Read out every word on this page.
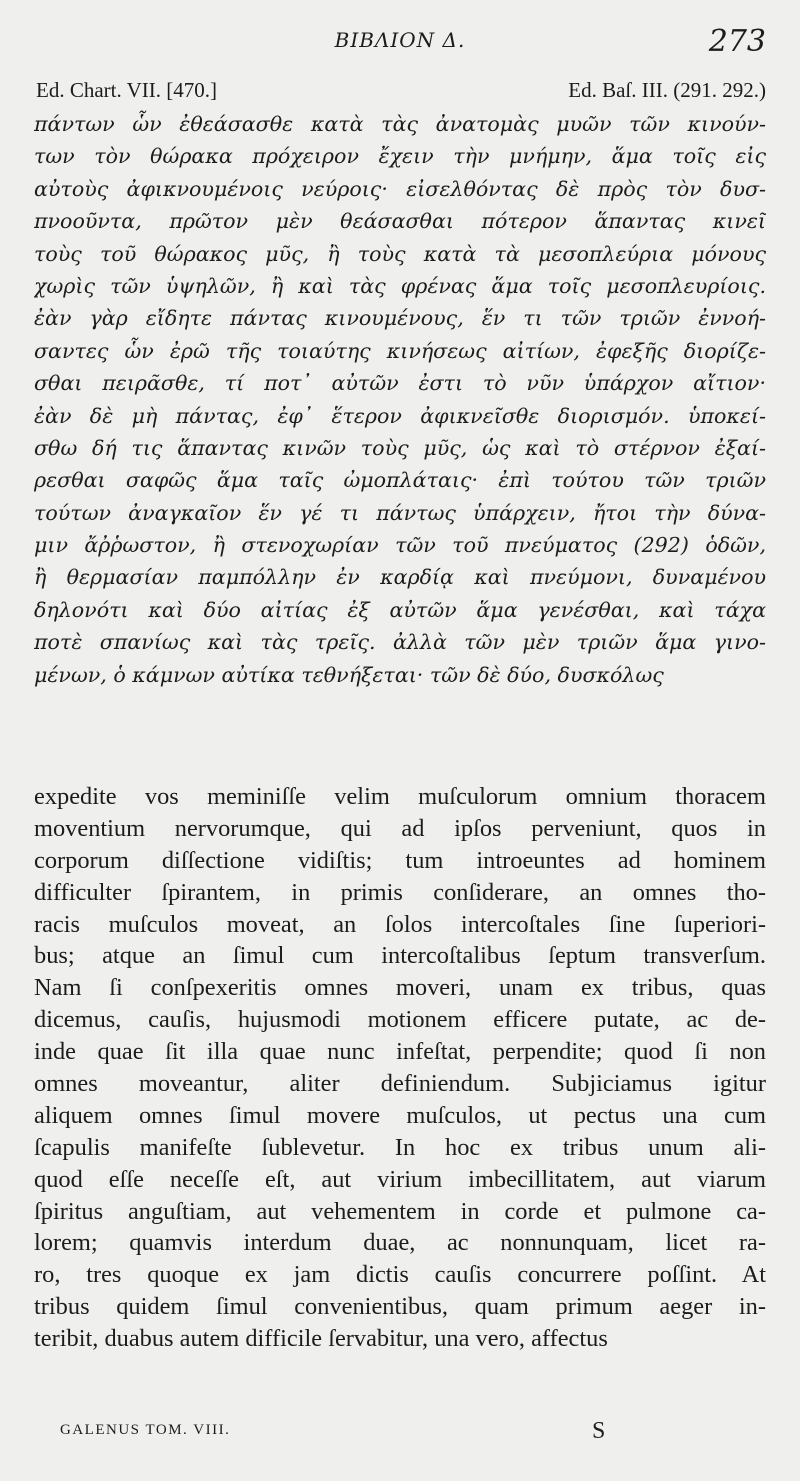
BIBΛION Δ.	273
Ed. Chart. VII. [470.]	Ed. Baſ. III. (291. 292.)
πάντων ὧν ἐθεάσασθε κατὰ τὰς ἀνατομὰς μυῶν τῶν κινούν-
των τὸν θώρακα πρόχειρον ἔχειν τὴν μνήμην, ἅμα τοῖς εἰς
αὐτοὺς ἀφικνουμένοις νεύροις· εἰσελθόντας δὲ πρὸς τὸν δυσ-
πνοοῦντα, πρῶτον μὲν θεάσασθαι πότερον ἅπαντας κινεῖ
τοὺς τοῦ θώρακος μῦς, ἢ τοὺς κατὰ τὰ μεσοπλεύρια μόνους
χωρὶς τῶν ὑψηλῶν, ἢ καὶ τὰς φρένας ἅμα τοῖς μεσοπλευρίοις.
ἐὰν γὰρ εἴδητε πάντας κινουμένους, ἕν τι τῶν τριῶν ἐννοή-
σαντες ὧν ἐρῶ τῆς τοιαύτης κινήσεως αἰτίων, ἐφεξῆς διορίζε-
σθαι πειρᾶσθε, τί ποτ᾽ αὐτῶν ἐστι τὸ νῦν ὑπάρχον αἴτιον·
ἐὰν δὲ μὴ πάντας, ἐφ᾽ ἕτερον ἀφικνεῖσθε διορισμόν. ὑποκεί-
σθω δή τις ἅπαντας κινῶν τοὺς μῦς, ὡς καὶ τὸ στέρνον ἐξαί-
ρεσθαι σαφῶς ἅμα ταῖς ὠμοπλάταις· ἐπὶ τούτου τῶν τριῶν
τούτων ἀναγκαῖον ἕν γέ τι πάντως ὑπάρχειν, ἤτοι τὴν δύνα-
μιν ἄῤῥωστον, ἢ στενοχωρίαν τῶν τοῦ πνεύματος (292) ὁδῶν,
ἢ θερμασίαν παμπόλλην ἐν καρδίᾳ καὶ πνεύμονι, δυναμένου
δηλονότι καὶ δύο αἰτίας ἐξ αὐτῶν ἅμα γενέσθαι, καὶ τάχα
ποτὲ σπανίως καὶ τὰς τρεῖς. ἀλλὰ τῶν μὲν τριῶν ἅμα γινο-
μένων, ὁ κάμνων αὐτίκα τεθνήξεται· τῶν δὲ δύο, δυσκόλως
expedite vos meminiſſe velim muſculorum omnium thoracem
moventium nervorumque, qui ad ipſos perveniunt, quos in
corporum diſſectione vidiſtis; tum introeuntes ad hominem
difficulter ſpirantem, in primis conſiderare, an omnes tho-
racis muſculos moveat, an ſolos intercoſtales ſine ſuperiori-
bus; atque an ſimul cum intercoſtalibus ſeptum transverſum.
Nam ſi conſpexeritis omnes moveri, unam ex tribus, quas
dicemus, cauſis, hujusmodi motionem efficere putate, ac de-
inde quae ſit illa quae nunc infeſtat, perpendite; quod ſi non
omnes moveantur, aliter definiendum. Subjiciamus igitur
aliquem omnes ſimul movere muſculos, ut pectus una cum
ſcapulis manifeſte ſublevetur. In hoc ex tribus unum ali-
quod eſſe neceſſe eſt, aut virium imbecillitatem, aut viarum
ſpiritus anguſtiam, aut vehementem in corde et pulmone ca-
lorem; quamvis interdum duae, ac nonnunquam, licet ra-
ro, tres quoque ex jam dictis cauſis concurrere poſſint. At
tribus quidem ſimul convenientibus, quam primum aeger in-
teribit, duabus autem difficile ſervabitur, una vero, affectus
GALENUS TOM. VIII.	S
